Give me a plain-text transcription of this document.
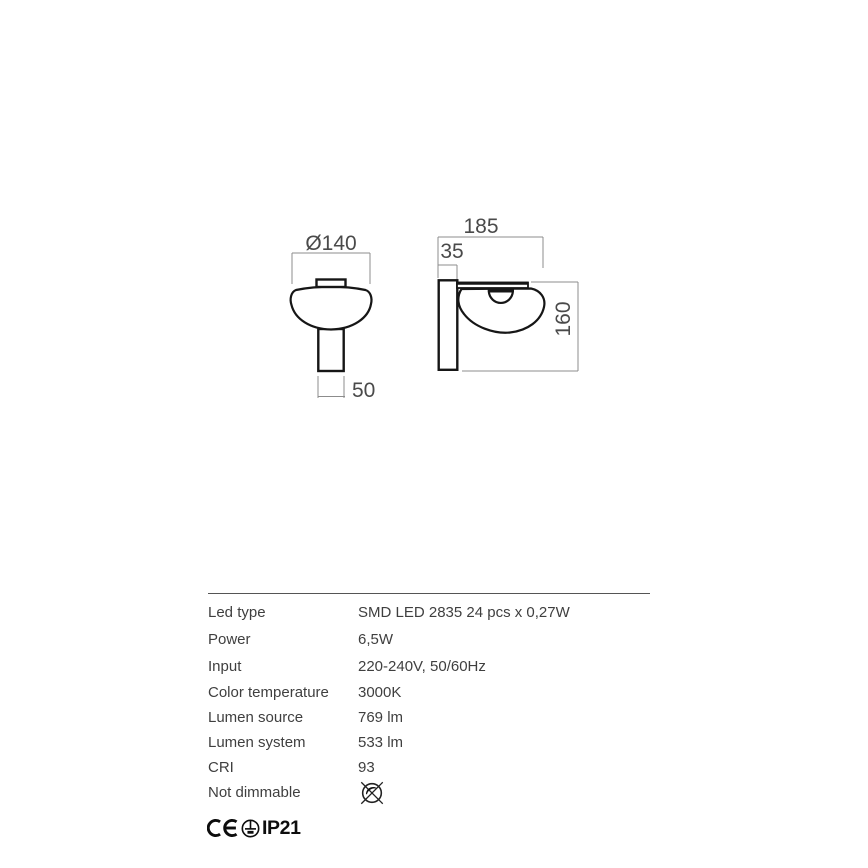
Ø140
50
185
35
160
Led type	SMD LED 2835 24 pcs x 0,27W
Power	6,5W
Input	220-240V, 50/60Hz
Color temperature	3000K
Lumen source	769 lm
Lumen system	533 lm
CRI	93
Not dimmable
IP21
